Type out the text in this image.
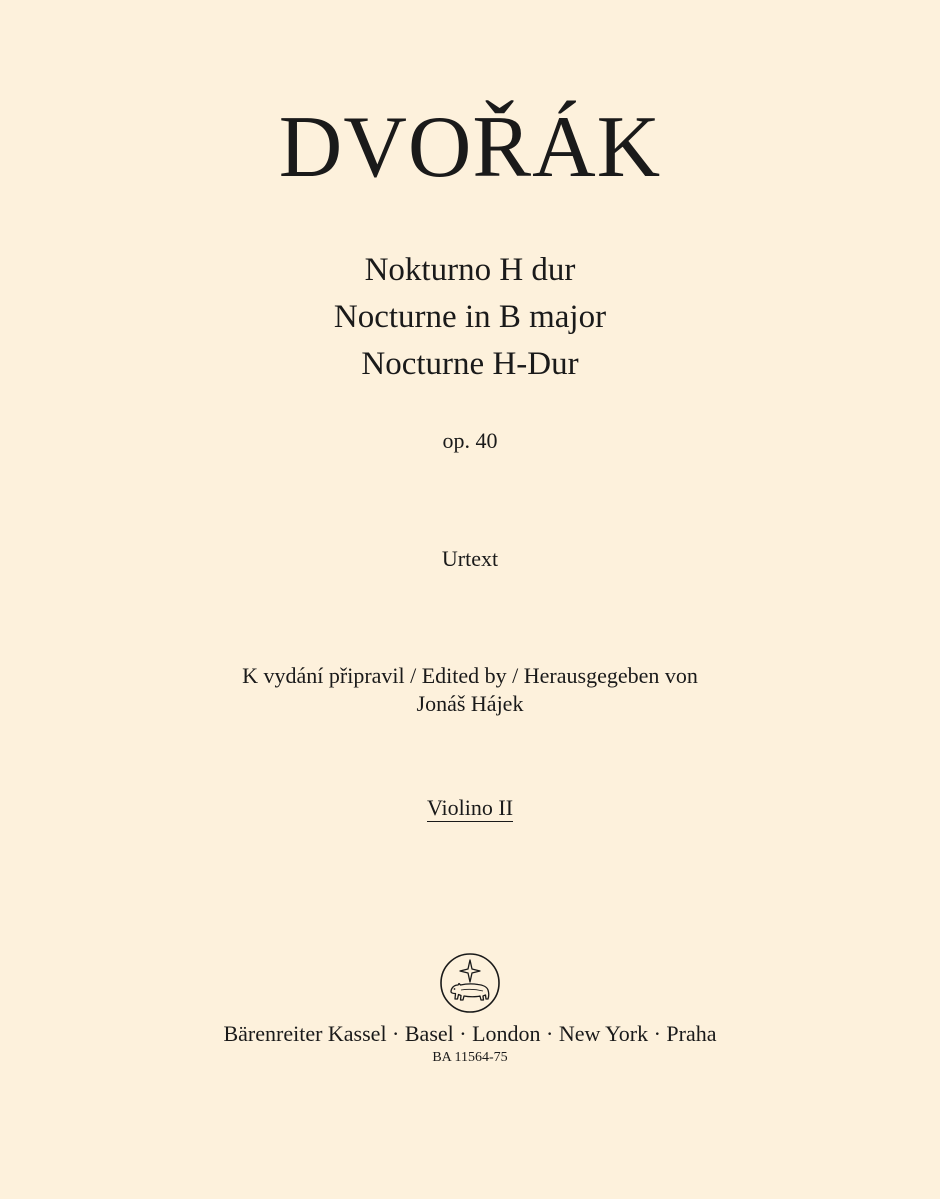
DVOŘÁK
Nokturno H dur
Nocturne in B major
Nocturne H-Dur
op. 40
Urtext
K vydání připravil / Edited by / Herausgegeben von
Jonáš Hájek
Violino II
Bärenreiter Kassel · Basel · London · New York · Praha
BA 11564-75
